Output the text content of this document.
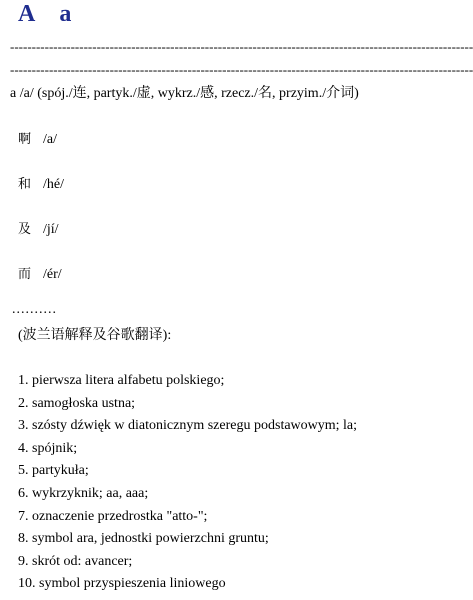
A a
-----------------------------------------------------------------------------------------------------------
-----------------------------------------------------------------------------------------------------------
a /a/ (spój./连, partyk./虚, wykrz./感, rzecz./名, przyim./介词)
啊 /a/
和 /hé/
及 /jí/
而 /ér/
..........
(波兰语解释及谷歌翻译):
1. pierwsza litera alfabetu polskiego;
2. samogłoska ustna;
3. szósty dźwięk w diatonicznym szeregu podstawowym; la;
4. spójnik;
5. partykuła;
6. wykrzyknik; aa, aaa;
7. oznaczenie przedrostka "atto-";
8. symbol ara, jednostki powierzchni gruntu;
9. skrót od: avancer;
10. symbol przyspieszenia liniowego
